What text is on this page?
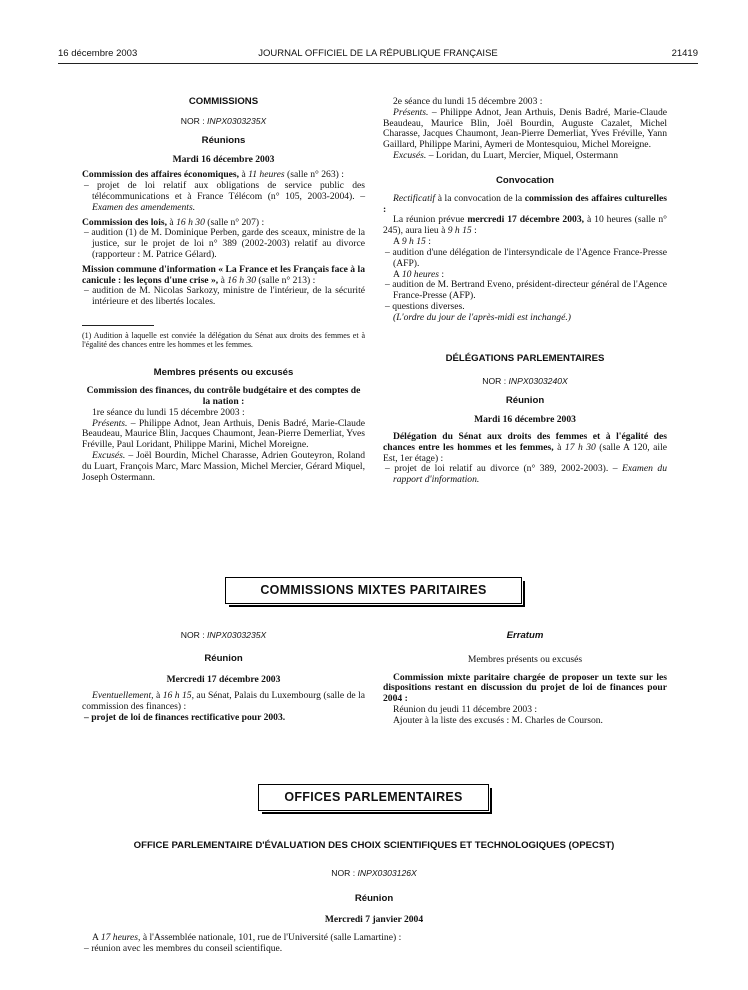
16 décembre 2003	JOURNAL OFFICIEL DE LA RÉPUBLIQUE FRANÇAISE	21419
COMMISSIONS
NOR : INPX0303235X
Réunions
Mardi 16 décembre 2003

Commission des affaires économiques, à 11 heures (salle n° 263) :

– projet de loi relatif aux obligations de service public des télécommunications et à France Télécom (n° 105, 2003-2004). – Examen des amendements.

Commission des lois, à 16 h 30 (salle n° 207) :

– audition (1) de M. Dominique Perben, garde des sceaux, ministre de la justice, sur le projet de loi n° 389 (2002-2003) relatif au divorce (rapporteur : M. Patrice Gélard).

Mission commune d'information « La France et les Français face à la canicule : les leçons d'une crise », à 16 h 30 (salle n° 213) :

– audition de M. Nicolas Sarkozy, ministre de l'intérieur, de la sécurité intérieure et des libertés locales.

(1) Audition à laquelle est conviée la délégation du Sénat aux droits des femmes et à l'égalité des chances entre les hommes et les femmes.

Membres présents ou excusés

Commission des finances, du contrôle budgétaire et des comptes de la nation :

1re séance du lundi 15 décembre 2003 :

Présents. – Philippe Adnot, Jean Arthuis, Denis Badré, Marie-Claude Beaudeau, Maurice Blin, Jacques Chaumont, Jean-Pierre Demerliat, Yves Fréville, Paul Loridant, Philippe Marini, Michel Moreigne.

Excusés. – Joël Bourdin, Michel Charasse, Adrien Gouteyron, Roland du Luart, François Marc, Marc Massion, Michel Mercier, Gérard Miquel, Joseph Ostermann.

2e séance du lundi 15 décembre 2003 :

Présents. – Philippe Adnot, Jean Arthuis, Denis Badré, Marie-Claude Beaudeau, Maurice Blin, Joël Bourdin, Auguste Cazalet, Michel Charasse, Jacques Chaumont, Jean-Pierre Demerliat, Yves Fréville, Yann Gaillard, Philippe Marini, Aymeri de Montesquiou, Michel Moreigne.

Excusés. – Loridan, du Luart, Mercier, Miquel, Ostermann

Convocation

Rectificatif à la convocation de la commission des affaires culturelles :

La réunion prévue mercredi 17 décembre 2003, à 10 heures (salle n° 245), aura lieu à 9 h 15 :

A 9 h 15 :

– audition d'une délégation de l'intersyndicale de l'Agence France-Presse (AFP).

A 10 heures :

– audition de M. Bertrand Eveno, président-directeur général de l'Agence France-Presse (AFP).

– questions diverses.

(L'ordre du jour de l'après-midi est inchangé.)

DÉLÉGATIONS PARLEMENTAIRES
NOR : INPX0303240X
Réunion
Mardi 16 décembre 2003

Délégation du Sénat aux droits des femmes et à l'égalité des chances entre les hommes et les femmes, à 17 h 30 (salle A 120, aile Est, 1er étage) :

– projet de loi relatif au divorce (n° 389, 2002-2003). – Examen du rapport d'information.

COMMISSIONS MIXTES PARITAIRES
NOR : INPX0303235X
Réunion
Mercredi 17 décembre 2003

Eventuellement, à 16 h 15, au Sénat, Palais du Luxembourg (salle de la commission des finances) :

– projet de loi de finances rectificative pour 2003.

Erratum
Membres présents ou excusés

Commission mixte paritaire chargée de proposer un texte sur les dispositions restant en discussion du projet de loi de finances pour 2004 :

Réunion du jeudi 11 décembre 2003 :

Ajouter à la liste des excusés : M. Charles de Courson.

OFFICES PARLEMENTAIRES
OFFICE PARLEMENTAIRE D'ÉVALUATION DES CHOIX SCIENTIFIQUES ET TECHNOLOGIQUES (OPECST)
NOR : INPX0303126X
Réunion
Mercredi 7 janvier 2004

A 17 heures, à l'Assemblée nationale, 101, rue de l'Université (salle Lamartine) :

– réunion avec les membres du conseil scientifique.
